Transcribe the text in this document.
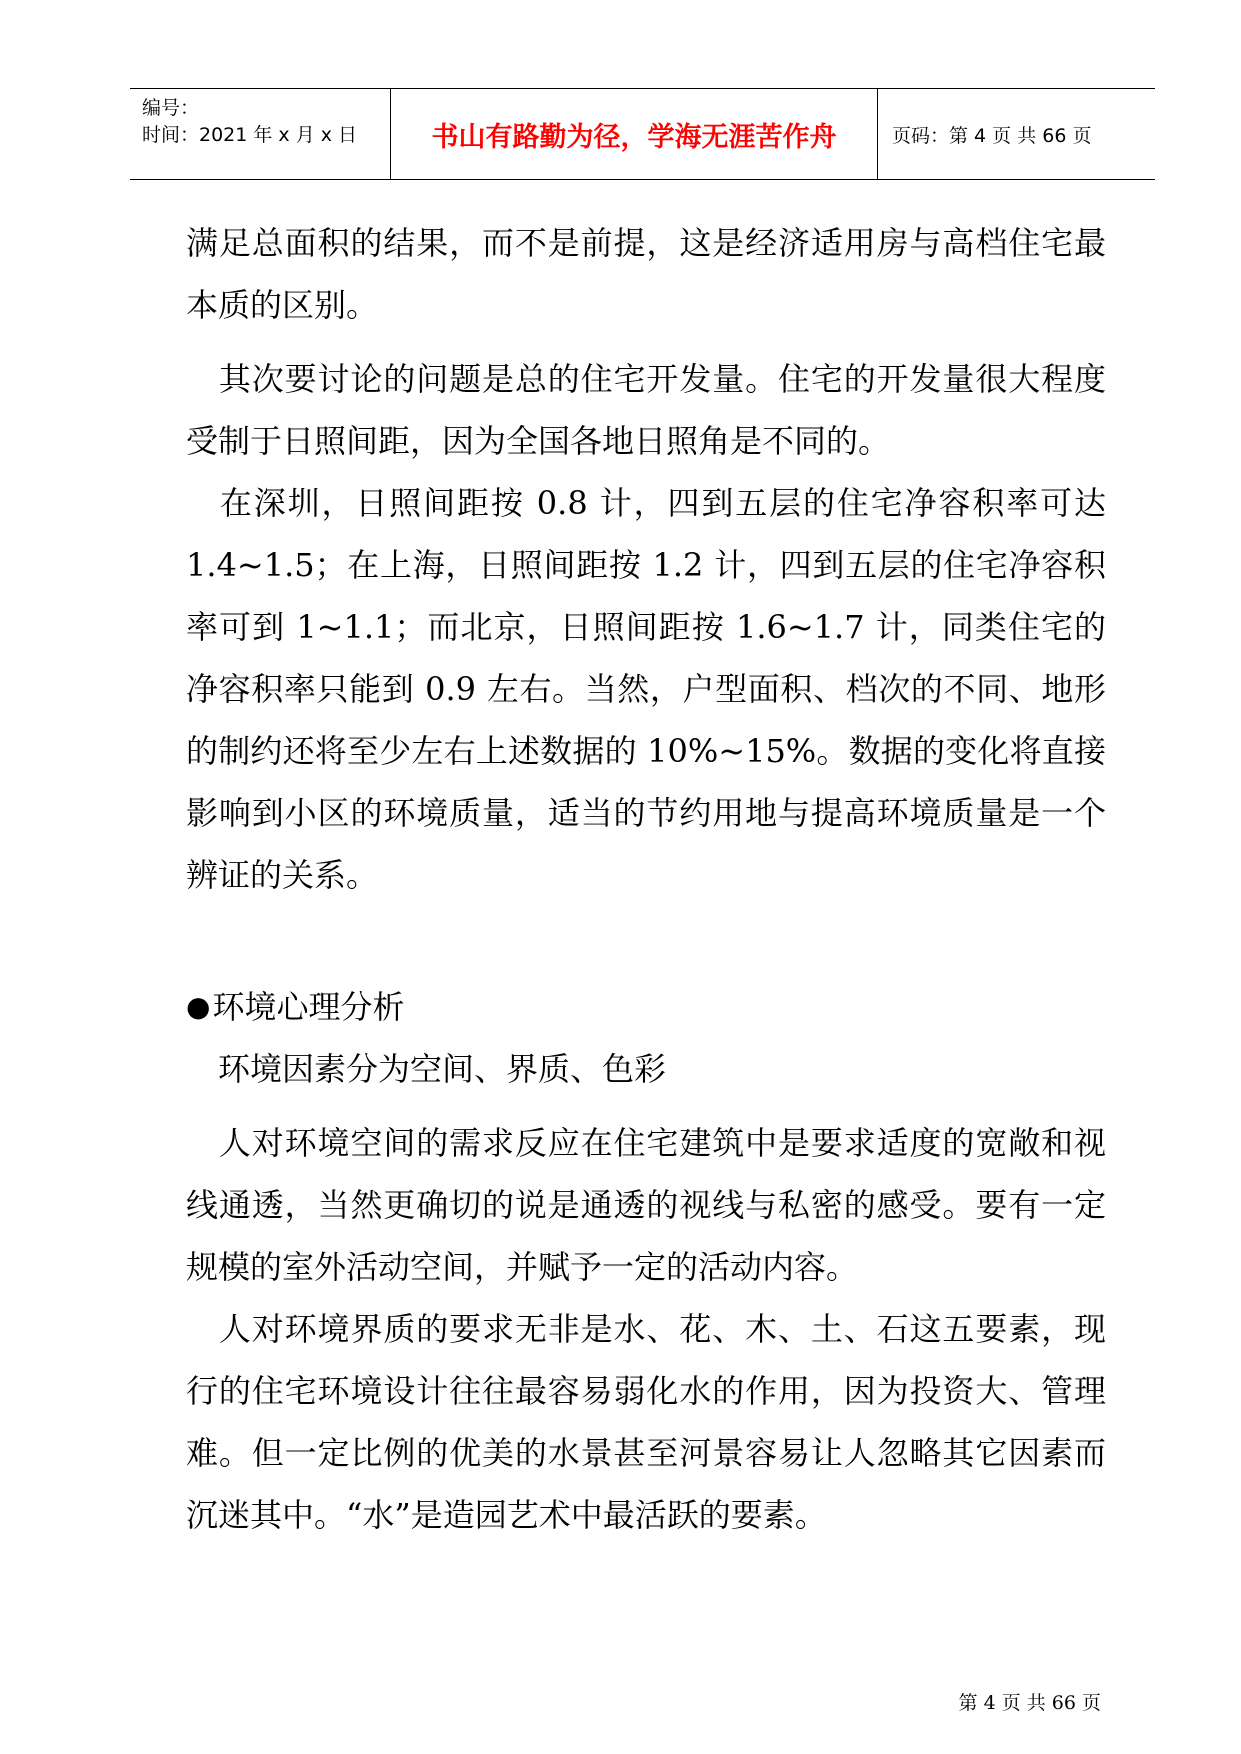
编号：
时间：2021 年 x 月 x 日	书山有路勤为径，学海无涯苦作舟	页码：第 4 页 共 66 页

满足总面积的结果，而不是前提，这是经济适用房与高档住宅最本质的区别。

　其次要讨论的问题是总的住宅开发量。住宅的开发量很大程度受制于日照间距，因为全国各地日照角是不同的。

　在深圳，日照间距按 0.8 计，四到五层的住宅净容积率可达 1.4~1.5；在上海，日照间距按 1.2 计，四到五层的住宅净容积率可到 1~1.1；而北京，日照间距按 1.6~1.7 计，同类住宅的净容积率只能到 0.9 左右。当然，户型面积、档次的不同、地形的制约还将至少左右上述数据的 10%~15%。数据的变化将直接影响到小区的环境质量，适当的节约用地与提高环境质量是一个辨证的关系。

● 环境心理分析

　环境因素分为空间、界质、色彩

　人对环境空间的需求反应在住宅建筑中是要求适度的宽敞和视线通透，当然更确切的说是通透的视线与私密的感受。要有一定规模的室外活动空间，并赋予一定的活动内容。

　人对环境界质的要求无非是水、花、木、土、石这五要素，现行的住宅环境设计往往最容易弱化水的作用，因为投资大、管理难。但一定比例的优美的水景甚至河景容易让人忽略其它因素而沉迷其中。“水”是造园艺术中最活跃的要素。

第 4 页 共 66 页
